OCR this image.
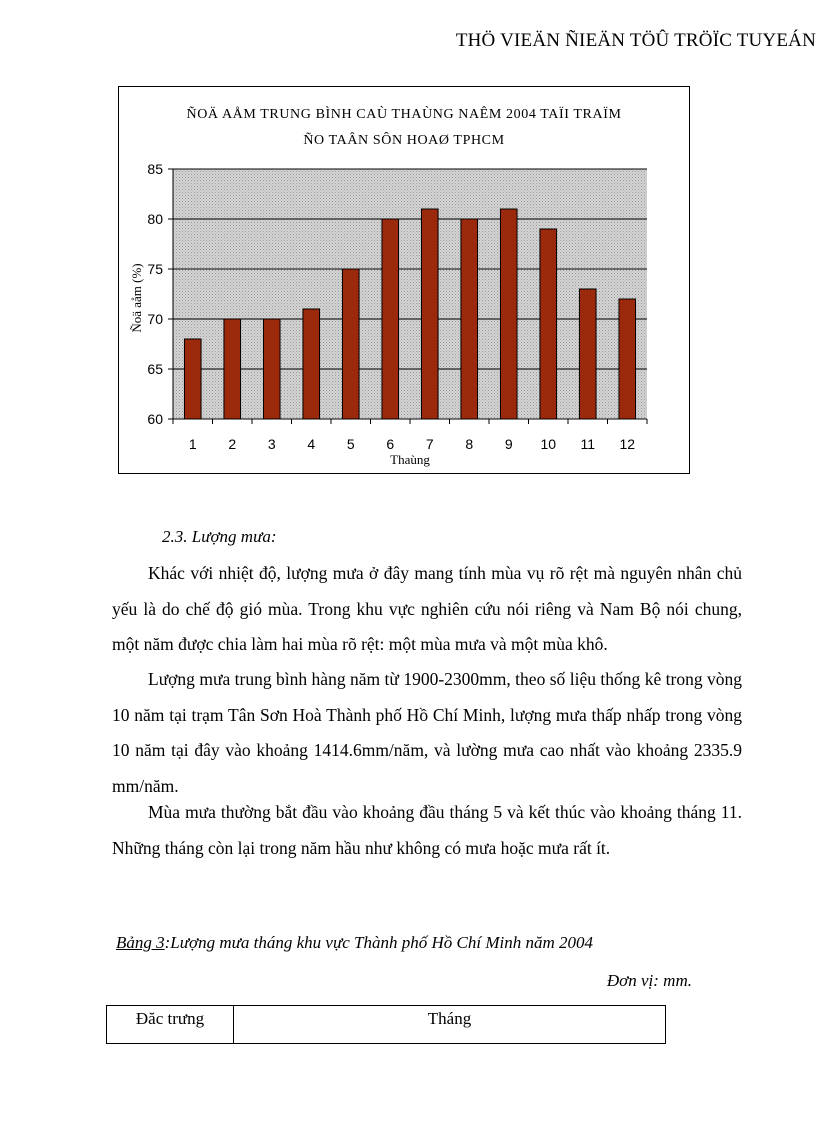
THÖ VIEÄN ÑIEÄN TÖÛ TRÖÏC TUYEÁN
ÑOÄ AÅM TRUNG BÌNH CAÙ THAÙNG NAÊM 2004 TAÏI TRAÏM
ÑO TAÂN SÔN HOAØ TPHCM
60
65
70
75
80
85
1 2 3 4 5 6 7 8 9 10 11 12
Thaùng
Ñoä aåm (%)
2.3. Lượng mưa:

Khác với nhiệt độ, lượng mưa ở đây mang tính mùa vụ rõ rệt mà nguyên nhân chủ yếu là do chế độ gió mùa. Trong khu vực nghiên cứu nói riêng và Nam Bộ nói chung, một năm được chia làm hai mùa rõ rệt: một mùa mưa và một mùa khô.

Lượng mưa trung bình hàng năm từ 1900-2300mm, theo số liệu thống kê trong vòng 10 năm tại trạm Tân Sơn Hoà Thành phố Hồ Chí Minh, lượng mưa thấp nhấp trong vòng 10 năm tại đây vào khoảng 1414.6mm/năm, và lường mưa cao nhất vào khoảng 2335.9 mm/năm.

Mùa mưa thường bắt đầu vào khoảng đầu tháng 5 và kết thúc vào khoảng tháng 11. Những tháng còn lại trong năm hầu như không có mưa hoặc mưa rất ít.

Bảng 3:Lượng mưa tháng khu vực Thành phố Hồ Chí Minh năm 2004
Đơn vị: mm.
Đăc trưng	Tháng
